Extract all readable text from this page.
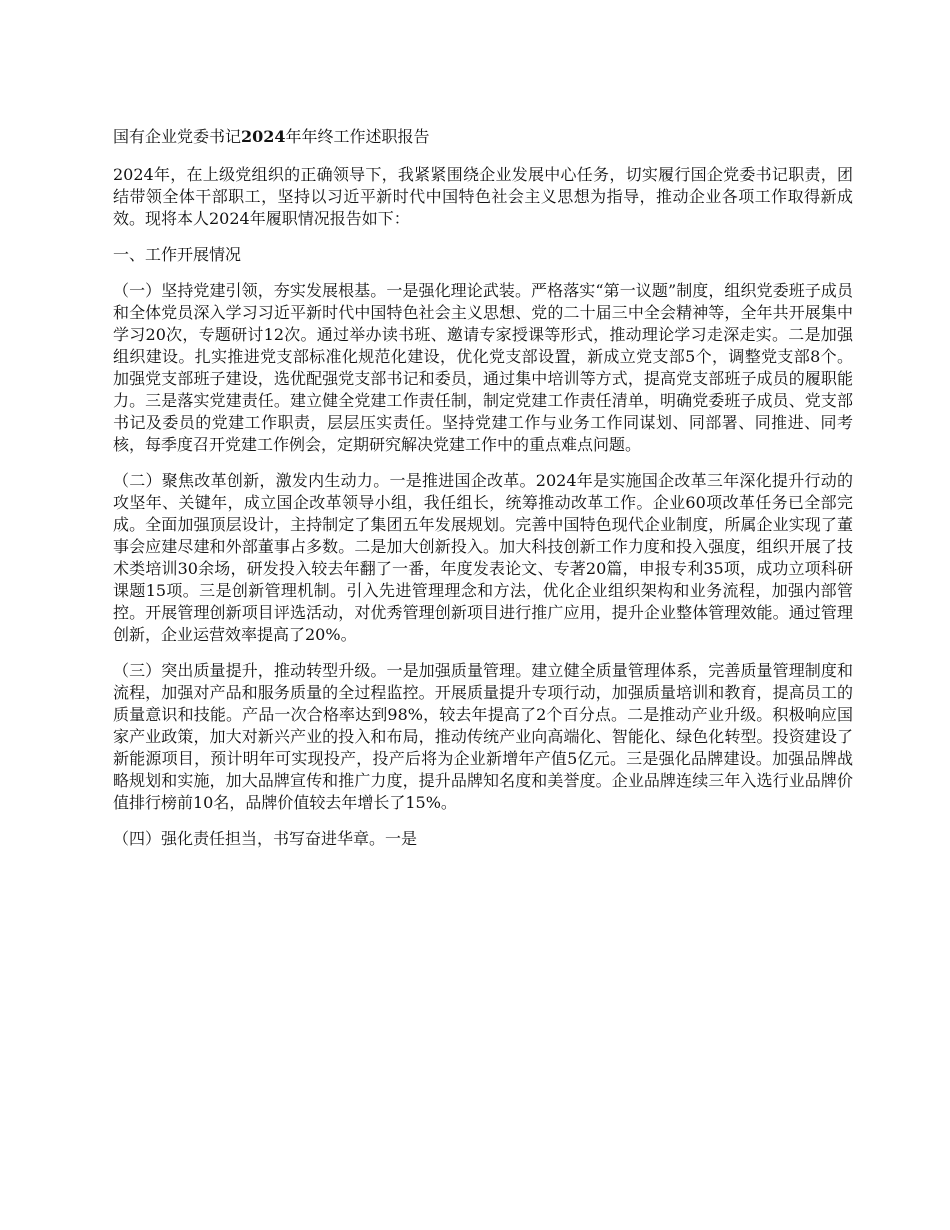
国有企业党委书记2024年年终工作述职报告

2024年，在上级党组织的正确领导下，我紧紧围绕企业发展中心任务，切实履行国企党委书记职责，团结带领全体干部职工，坚持以习近平新时代中国特色社会主义思想为指导，推动企业各项工作取得新成效。现将本人2024年履职情况报告如下：

一、工作开展情况

（一）坚持党建引领，夯实发展根基。一是强化理论武装。严格落实“第一议题”制度，组织党委班子成员和全体党员深入学习习近平新时代中国特色社会主义思想、党的二十届三中全会精神等，全年共开展集中学习20次，专题研讨12次。通过举办读书班、邀请专家授课等形式，推动理论学习走深走实。二是加强组织建设。扎实推进党支部标准化规范化建设，优化党支部设置，新成立党支部5个，调整党支部8个。加强党支部班子建设，选优配强党支部书记和委员，通过集中培训等方式，提高党支部班子成员的履职能力。三是落实党建责任。建立健全党建工作责任制，制定党建工作责任清单，明确党委班子成员、党支部书记及委员的党建工作职责，层层压实责任。坚持党建工作与业务工作同谋划、同部署、同推进、同考核，每季度召开党建工作例会，定期研究解决党建工作中的重点难点问题。

（二）聚焦改革创新，激发内生动力。一是推进国企改革。2024年是实施国企改革三年深化提升行动的攻坚年、关键年，成立国企改革领导小组，我任组长，统筹推动改革工作。企业60项改革任务已全部完成。全面加强顶层设计，主持制定了集团五年发展规划。完善中国特色现代企业制度，所属企业实现了董事会应建尽建和外部董事占多数。二是加大创新投入。加大科技创新工作力度和投入强度，组织开展了技术类培训30余场，研发投入较去年翻了一番，年度发表论文、专著20篇，申报专利35项，成功立项科研课题15项。三是创新管理机制。引入先进管理理念和方法，优化企业组织架构和业务流程，加强内部管控。开展管理创新项目评选活动，对优秀管理创新项目进行推广应用，提升企业整体管理效能。通过管理创新，企业运营效率提高了20%。

（三）突出质量提升，推动转型升级。一是加强质量管理。建立健全质量管理体系，完善质量管理制度和流程，加强对产品和服务质量的全过程监控。开展质量提升专项行动，加强质量培训和教育，提高员工的质量意识和技能。产品一次合格率达到98%，较去年提高了2个百分点。二是推动产业升级。积极响应国家产业政策，加大对新兴产业的投入和布局，推动传统产业向高端化、智能化、绿色化转型。投资建设了新能源项目，预计明年可实现投产，投产后将为企业新增年产值5亿元。三是强化品牌建设。加强品牌战略规划和实施，加大品牌宣传和推广力度，提升品牌知名度和美誉度。企业品牌连续三年入选行业品牌价值排行榜前10名，品牌价值较去年增长了15%。

（四）强化责任担当，书写奋进华章。一是
